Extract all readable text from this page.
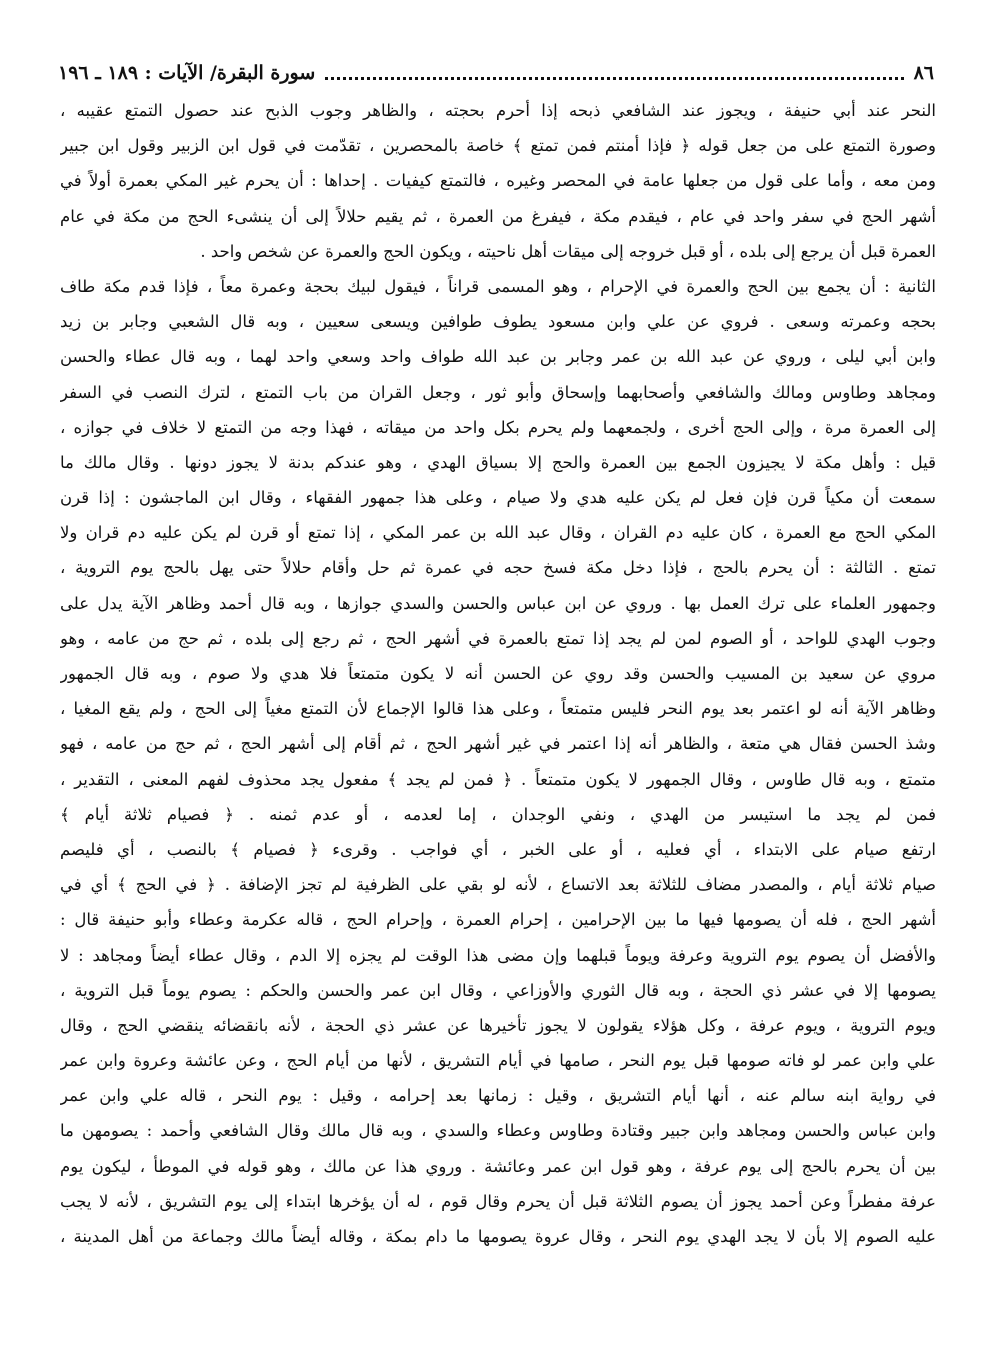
٨٦
سورة البقرة/ الآيات : ١٨٩ ـ ١٩٦
النحر عند أبي حنيفة ، ويجوز عند الشافعي ذبحه إذا أحرم بحجته ، والظاهر وجوب الذبح عند حصول التمتع عقيبه ،
وصورة التمتع على من جعل قوله ﴿ فإذا أمنتم فمن تمتع ﴾ خاصة بالمحصرين ، تقدّمت في قول ابن الزبير وقول ابن جبير
ومن معه ، وأما على قول من جعلها عامة في المحصر وغيره ، فالتمتع كيفيات . إحداها : أن يحرم غير المكي بعمرة أولاً في
أشهر الحج في سفر واحد في عام ، فيقدم مكة ، فيفرغ من العمرة ، ثم يقيم حلالاً إلى أن ينشىء الحج من مكة في عام
العمرة قبل أن يرجع إلى بلده ، أو قبل خروجه إلى ميقات أهل ناحيته ، ويكون الحج والعمرة عن شخص واحد .
الثانية : أن يجمع بين الحج والعمرة في الإحرام ، وهو المسمى قراناً ، فيقول لبيك بحجة وعمرة معاً ، فإذا قدم مكة طاف
بحجه وعمرته وسعى . فروي عن علي وابن مسعود يطوف طوافين ويسعى سعيين ، وبه قال الشعبي وجابر بن زيد
وابن أبي ليلى ، وروي عن عبد الله بن عمر وجابر بن عبد الله طواف واحد وسعي واحد لهما ، وبه قال عطاء والحسن
ومجاهد وطاوس ومالك والشافعي وأصحابهما وإسحاق وأبو ثور ، وجعل القران من باب التمتع ، لترك النصب في السفر
إلى العمرة مرة ، وإلى الحج أخرى ، ولجمعهما ولم يحرم بكل واحد من ميقاته ، فهذا وجه من التمتع لا خلاف في جوازه ،
قيل : وأهل مكة لا يجيزون الجمع بين العمرة والحج إلا بسياق الهدي ، وهو عندكم بدنة لا يجوز دونها . وقال مالك ما
سمعت أن مكياً قرن فإن فعل لم يكن عليه هدي ولا صيام ، وعلى هذا جمهور الفقهاء ، وقال ابن الماجشون : إذا قرن
المكي الحج مع العمرة ، كان عليه دم القران ، وقال عبد الله بن عمر المكي ، إذا تمتع أو قرن لم يكن عليه دم قران ولا
تمتع . الثالثة : أن يحرم بالحج ، فإذا دخل مكة فسخ حجه في عمرة ثم حل وأقام حلالاً حتى يهل بالحج يوم التروية ،
وجمهور العلماء على ترك العمل بها . وروي عن ابن عباس والحسن والسدي جوازها ، وبه قال أحمد وظاهر الآية يدل على
وجوب الهدي للواحد ، أو الصوم لمن لم يجد إذا تمتع بالعمرة في أشهر الحج ، ثم رجع إلى بلده ، ثم حج من عامه ، وهو
مروي عن سعيد بن المسيب والحسن وقد روي عن الحسن أنه لا يكون متمتعاً فلا هدي ولا صوم ، وبه قال الجمهور
وظاهر الآية أنه لو اعتمر بعد يوم النحر فليس متمتعاً ، وعلى هذا قالوا الإجماع لأن التمتع مغياً إلى الحج ، ولم يقع المغيا ،
وشذ الحسن فقال هي متعة ، والظاهر أنه إذا اعتمر في غير أشهر الحج ، ثم أقام إلى أشهر الحج ، ثم حج من عامه ، فهو
متمتع ، وبه قال طاوس ، وقال الجمهور لا يكون متمتعاً . ﴿ فمن لم يجد ﴾ مفعول يجد محذوف لفهم المعنى ، التقدير ،
فمن لم يجد ما استيسر من الهدي ، ونفي الوجدان ، إما لعدمه ، أو عدم ثمنه . ﴿ فصيام ثلاثة أيام ﴾
ارتفع صيام على الابتداء ، أي فعليه ، أو على الخبر ، أي فواجب . وقرىء ﴿ فصيام ﴾ بالنصب ، أي فليصم
صيام ثلاثة أيام ، والمصدر مضاف للثلاثة بعد الاتساع ، لأنه لو بقي على الظرفية لم تجز الإضافة . ﴿ في الحج ﴾ أي في
أشهر الحج ، فله أن يصومها فيها ما بين الإحرامين ، إحرام العمرة ، وإحرام الحج ، قاله عكرمة وعطاء وأبو حنيفة قال :
والأفضل أن يصوم يوم التروية وعرفة ويوماً قبلهما وإن مضى هذا الوقت لم يجزه إلا الدم ، وقال عطاء أيضاً ومجاهد : لا
يصومها إلا في عشر ذي الحجة ، وبه قال الثوري والأوزاعي ، وقال ابن عمر والحسن والحكم : يصوم يوماً قبل التروية ،
ويوم التروية ، ويوم عرفة ، وكل هؤلاء يقولون لا يجوز تأخيرها عن عشر ذي الحجة ، لأنه بانقضائه ينقضي الحج ، وقال
علي وابن عمر لو فاته صومها قبل يوم النحر ، صامها في أيام التشريق ، لأنها من أيام الحج ، وعن عائشة وعروة وابن عمر
في رواية ابنه سالم عنه ، أنها أيام التشريق ، وقيل : زمانها بعد إحرامه ، وقيل : يوم النحر ، قاله علي وابن عمر
وابن عباس والحسن ومجاهد وابن جبير وقتادة وطاوس وعطاء والسدي ، وبه قال مالك وقال الشافعي وأحمد : يصومهن ما
بين أن يحرم بالحج إلى يوم عرفة ، وهو قول ابن عمر وعائشة . وروي هذا عن مالك ، وهو قوله في الموطأ ، ليكون يوم
عرفة مفطراً وعن أحمد يجوز أن يصوم الثلاثة قبل أن يحرم وقال قوم ، له أن يؤخرها ابتداء إلى يوم التشريق ، لأنه لا يجب
عليه الصوم إلا بأن لا يجد الهدي يوم النحر ، وقال عروة يصومها ما دام بمكة ، وقاله أيضاً مالك وجماعة من أهل المدينة ،
